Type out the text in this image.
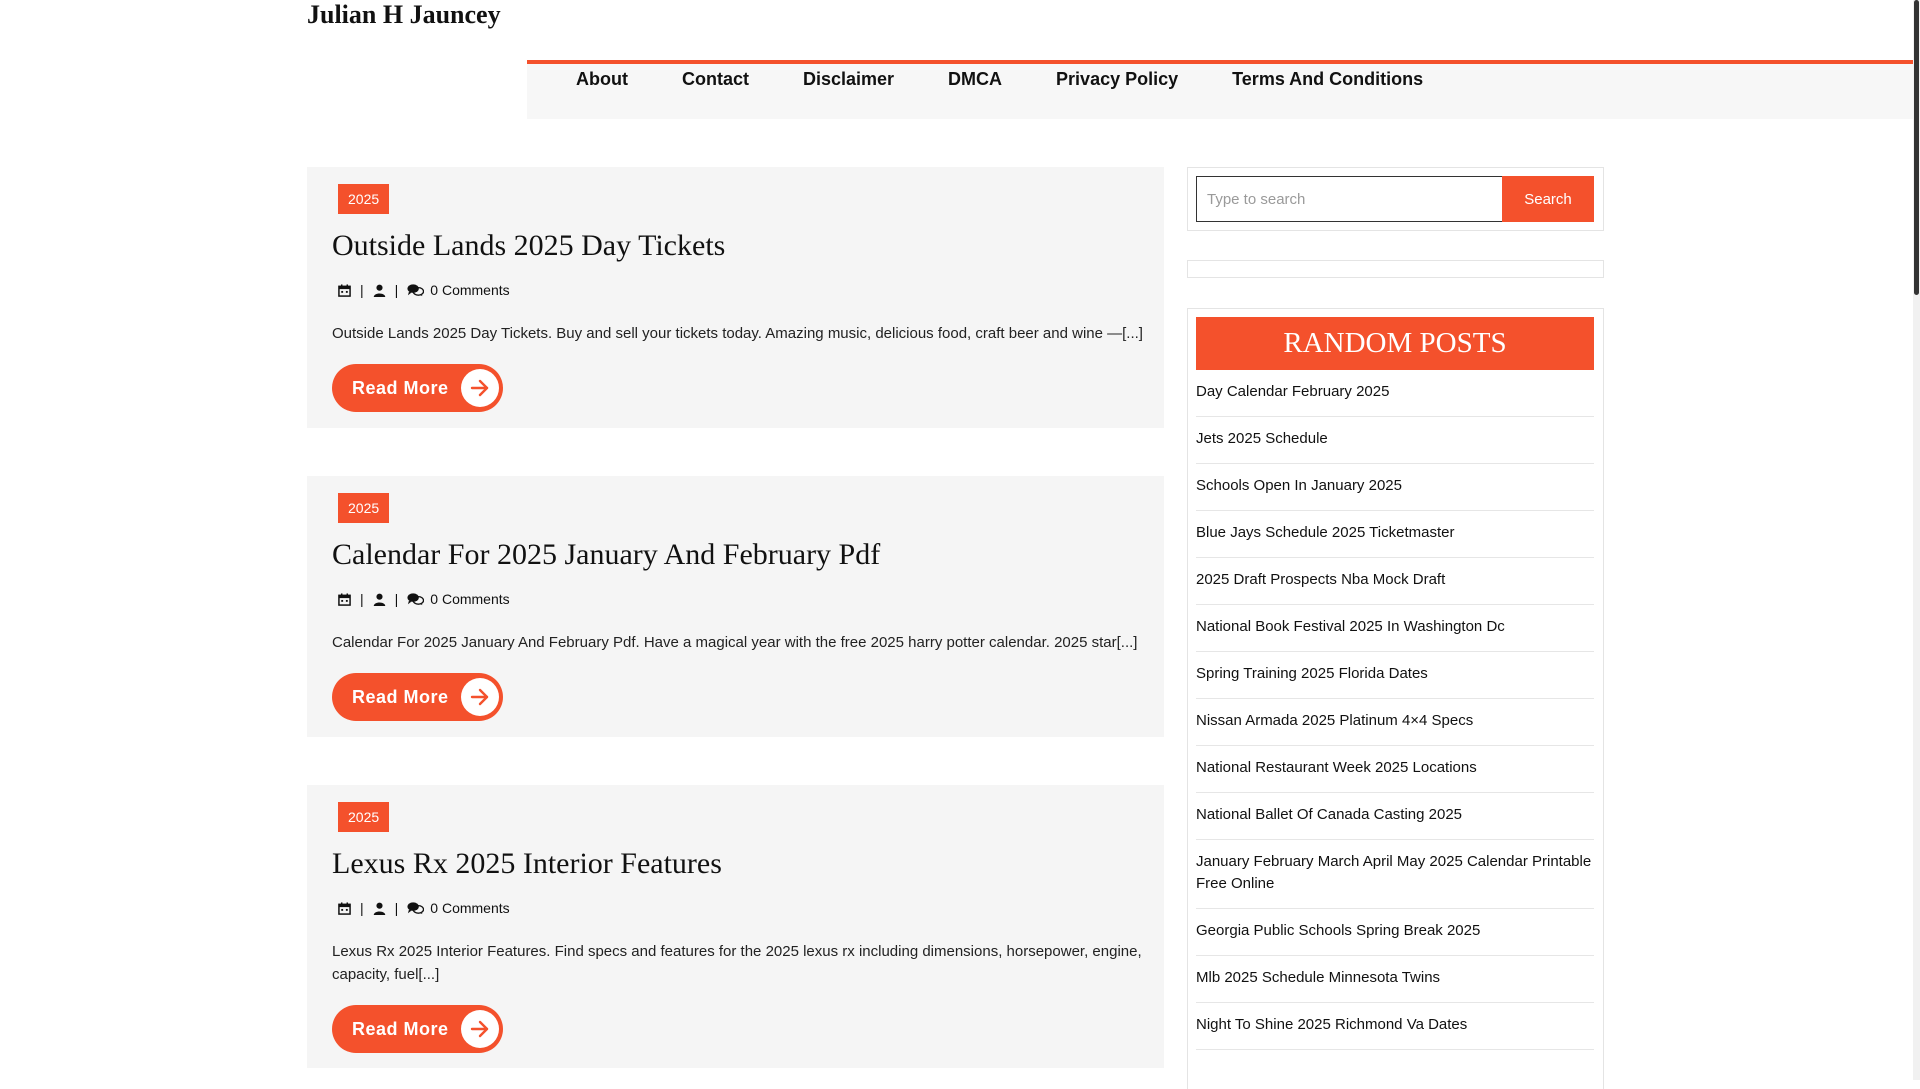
Julian H Jauncey
About	Contact	Disclaimer	DMCA	Privacy Policy	Terms And Conditions
2025
Outside Lands 2025 Day Tickets
| | 0 Comments

Outside Lands 2025 Day Tickets. Buy and sell your tickets today. Amazing music, delicious food, craft beer and wine —[...]

Read More
2025
Calendar For 2025 January And February Pdf
| | 0 Comments

Calendar For 2025 January And February Pdf. Have a magical year with the free 2025 harry potter calendar. 2025 star[...]

Read More
2025
Lexus Rx 2025 Interior Features
| | 0 Comments

Lexus Rx 2025 Interior Features. Find specs and features for the 2025 lexus rx including dimensions, horsepower, engine, capacity, fuel[...]

Read More
Type to search
Search
RANDOM POSTS
Day Calendar February 2025
Jets 2025 Schedule
Schools Open In January 2025
Blue Jays Schedule 2025 Ticketmaster
2025 Draft Prospects Nba Mock Draft
National Book Festival 2025 In Washington Dc
Spring Training 2025 Florida Dates
Nissan Armada 2025 Platinum 4×4 Specs
National Restaurant Week 2025 Locations
National Ballet Of Canada Casting 2025
January February March April May 2025 Calendar Printable Free Online
Georgia Public Schools Spring Break 2025
Mlb 2025 Schedule Minnesota Twins
Night To Shine 2025 Richmond Va Dates
